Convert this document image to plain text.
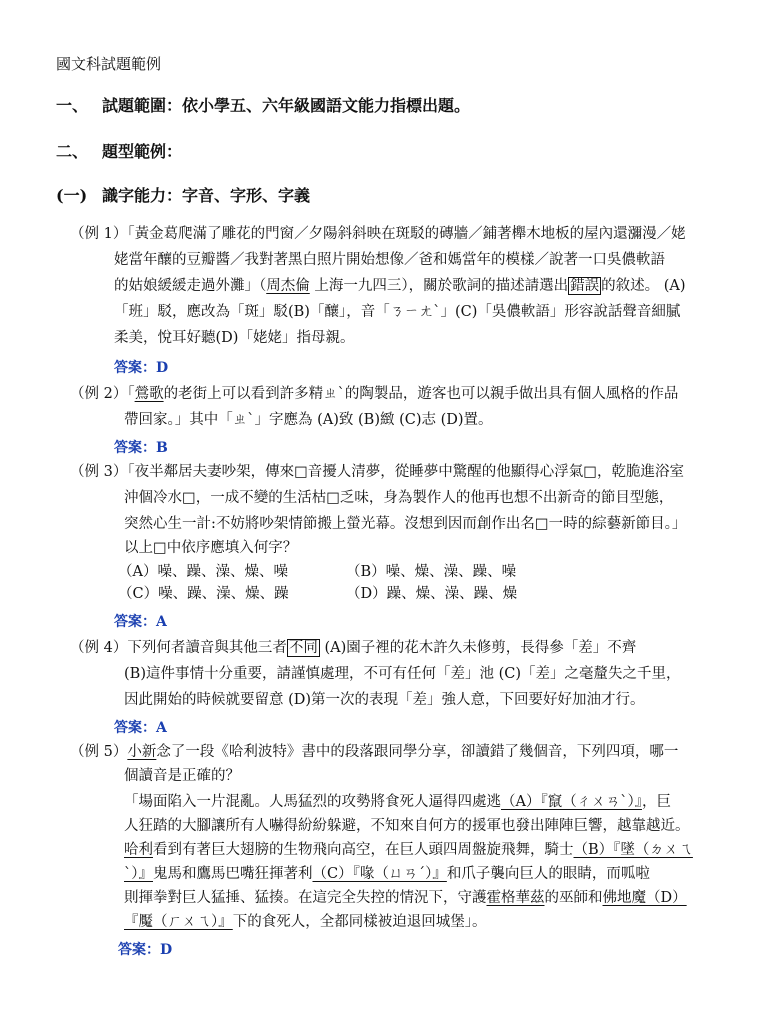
國文科試題範例
一、 試題範圍：依小學五、六年級國語文能力指標出題。
二、 題型範例：
(一) 識字能力：字音、字形、字義
（例 1）「黃金葛爬滿了雕花的門窗／夕陽斜斜映在斑駁的磚牆／鋪著櫸木地板的屋內還瀰漫／姥
姥當年釀的豆瓣醬／我對著黑白照片開始想像／爸和媽當年的模樣／說著一口吳儂軟語
的姑娘緩緩走過外灘」（周杰倫 上海一九四三），關於歌詞的描述請選出 錯誤 的敘述。 (A)
「班」駁，應改為「斑」駁(B)「釀」，音「ㄋㄧㄤˋ」(C)「吳儂軟語」形容說話聲音細膩
柔美，悅耳好聽(D)「姥姥」指母親。
答案：D
（例 2）「鶯歌的老街上可以看到許多精ㄓˋ的陶製品，遊客也可以親手做出具有個人風格的作品
帶回家。」其中「ㄓˋ」字應為 (A)致 (B)緻 (C)志 (D)置。
答案：B
（例 3）「夜半鄰居夫妻吵架，傳來□音擾人清夢，從睡夢中驚醒的他顯得心浮氣□，乾脆進浴室
沖個冷水□，一成不變的生活枯□乏味，身為製作人的他再也想不出新奇的節目型態，
突然心生一計:不妨將吵架情節搬上螢光幕。沒想到因而創作出名□一時的綜藝新節目。」
以上□中依序應填入何字？
（A）噪、躁、澡、燥、噪	（B）噪、燥、澡、躁、噪
（C）噪、躁、澡、燥、躁	（D）躁、燥、澡、躁、燥
答案：A
（例 4）下列何者讀音與其他三者 不同 (A)園子裡的花木許久未修剪，長得參「差」不齊
(B)這件事情十分重要，請謹慎處理，不可有任何「差」池 (C)「差」之毫釐失之千里，
因此開始的時候就要留意 (D)第一次的表現「差」強人意，下回要好好加油才行。
答案：A
（例 5）小新念了一段《哈利波特》書中的段落跟同學分享，卻讀錯了幾個音，下列四項，哪一
個讀音是正確的？
「場面陷入一片混亂。人馬猛烈的攻勢將食死人逼得四處逃（A）『竄（ㄔㄨㄢˋ）』，巨
人狂踏的大腳讓所有人嚇得紛紛躲避，不知來自何方的援軍也發出陣陣巨響，越靠越近。
哈利看到有著巨大翅膀的生物飛向高空，在巨人頭四周盤旋飛舞，騎士（B）『墜（ㄉㄨㄟ
ˋ）』鬼馬和鷹馬巴嘴狂揮著利（C）『喙（ㄩㄢˊ）』和爪子襲向巨人的眼睛，而呱啦
則揮拳對巨人猛捶、猛揍。在這完全失控的情況下，守護霍格華茲的巫師和佛地魔（D）
『魘（ㄏㄨㄟ）』下的食死人，全都同樣被迫退回城堡」。
答案：D
